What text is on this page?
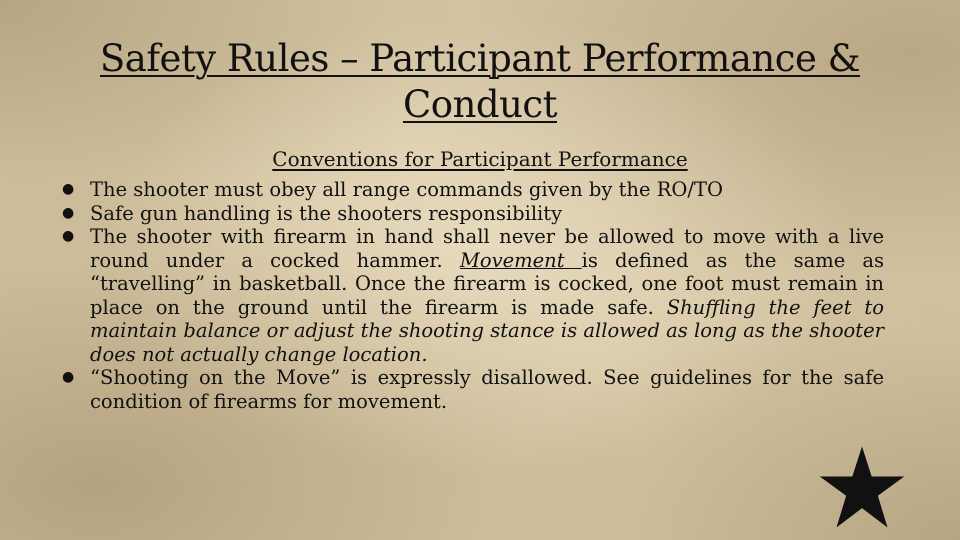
Safety Rules – Participant Performance & Conduct
Conventions for Participant Performance
● The shooter must obey all range commands given by the RO/TO
● Safe gun handling is the shooters responsibility
● The shooter with firearm in hand shall never be allowed to move with a live round under a cocked hammer. Movement is defined as the same as “travelling” in basketball. Once the firearm is cocked, one foot must remain in place on the ground until the firearm is made safe. Shuffling the feet to maintain balance or adjust the shooting stance is allowed as long as the shooter does not actually change location.
● “Shooting on the Move” is expressly disallowed. See guidelines for the safe condition of firearms for movement.
